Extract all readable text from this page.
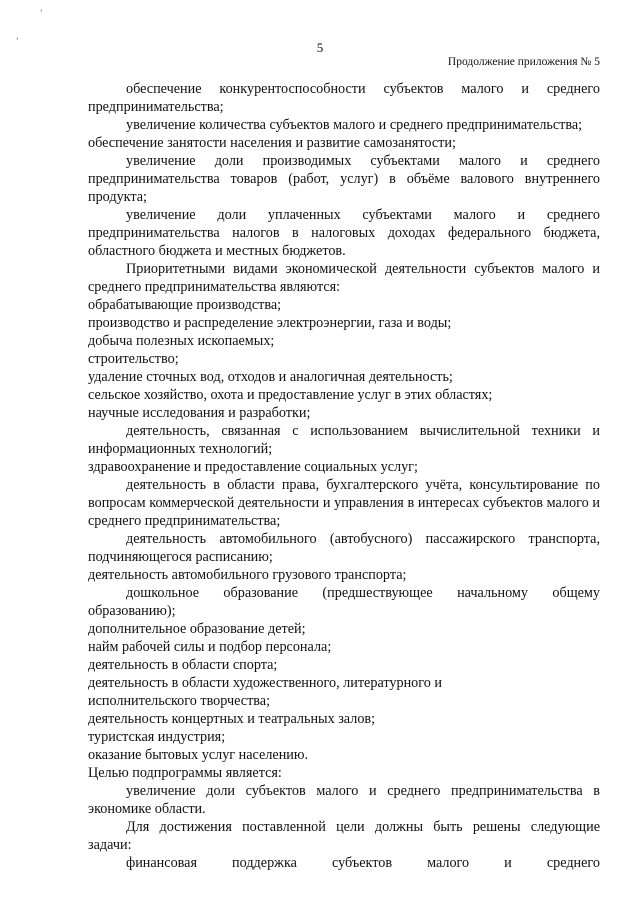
5
Продолжение приложения № 5

обеспечение конкурентоспособности субъектов малого и среднего предпринимательства;

увеличение количества субъектов малого и среднего предпринимательства;

обеспечение занятости населения и развитие самозанятости;

увеличение доли производимых субъектами малого и среднего предпринимательства товаров (работ, услуг) в объёме валового внутреннего продукта;

увеличение доли уплаченных субъектами малого и среднего предпринимательства налогов в налоговых доходах федерального бюджета, областного бюджета и местных бюджетов.

Приоритетными видами экономической деятельности субъектов малого и среднего предпринимательства являются:

обрабатывающие производства;

производство и распределение электроэнергии, газа и воды;

добыча полезных ископаемых;

строительство;

удаление сточных вод, отходов и аналогичная деятельность;

сельское хозяйство, охота и предоставление услуг в этих областях;

научные исследования и разработки;

деятельность, связанная с использованием вычислительной техники и информационных технологий;

здравоохранение и предоставление социальных услуг;

деятельность в области права, бухгалтерского учёта, консультирование по вопросам коммерческой деятельности и управления в интересах субъектов малого и среднего предпринимательства;

деятельность автомобильного (автобусного) пассажирского транспорта, подчиняющегося расписанию;

деятельность автомобильного грузового транспорта;

дошкольное образование (предшествующее начальному общему образованию);

дополнительное образование детей;

найм рабочей силы и подбор персонала;

деятельность в области спорта;

деятельность в области художественного, литературного и

исполнительского творчества;

деятельность концертных и театральных залов;

туристская индустрия;

оказание бытовых услуг населению.

Целью подпрограммы является:

увеличение доли субъектов малого и среднего предпринимательства в экономике области.

Для достижения поставленной цели должны быть решены следующие задачи:

финансовая поддержка субъектов малого и среднего

‘
‘
